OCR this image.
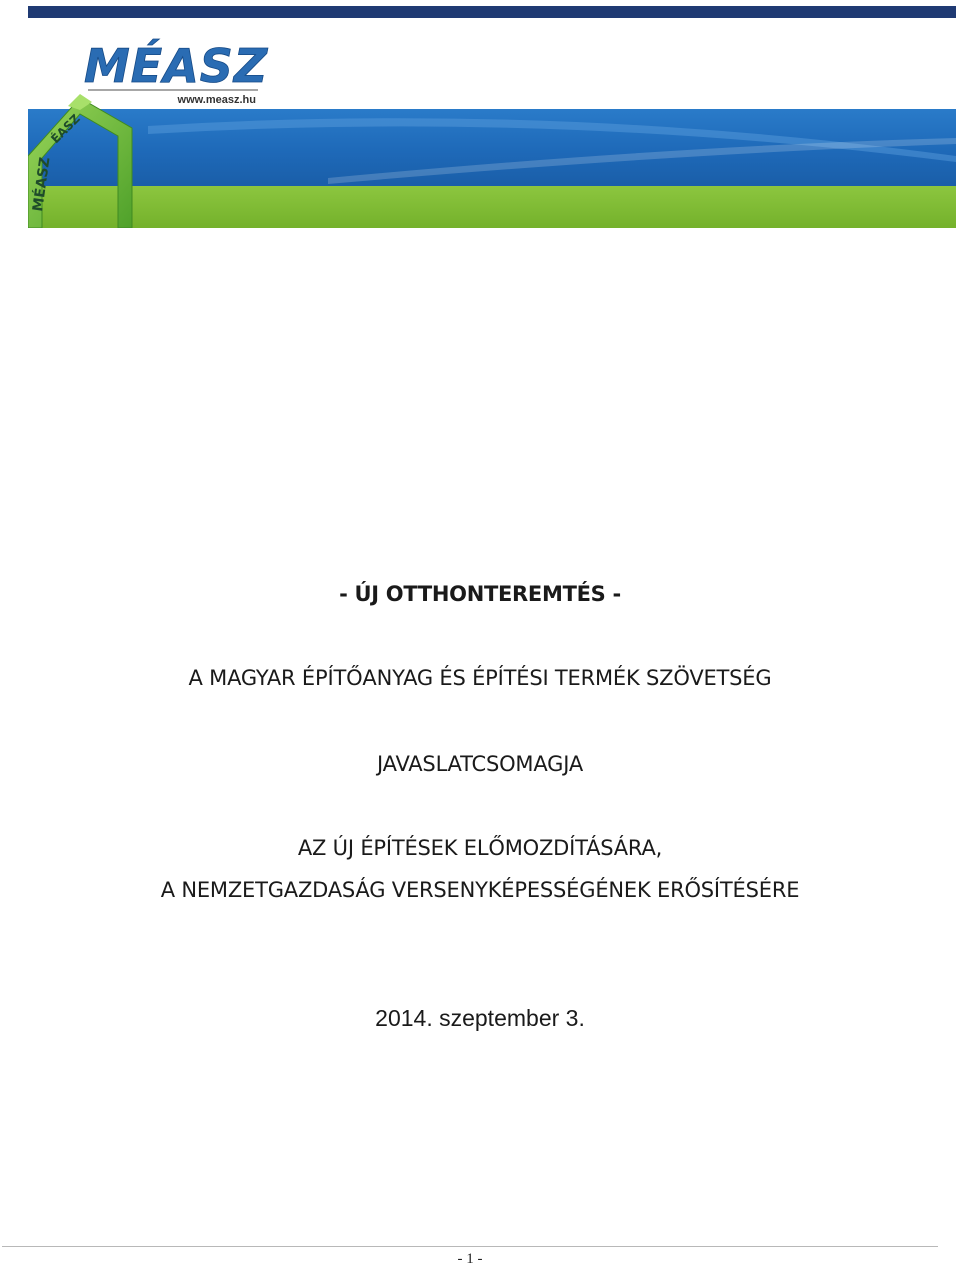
MÉASZ
ÉASZ
MÉASZ
www.measz.hu
- ÚJ OTTHONTEREMTÉS -
A MAGYAR ÉPÍTŐANYAG ÉS ÉPÍTÉSI TERMÉK SZÖVETSÉG
JAVASLATCSOMAGJA
AZ ÚJ ÉPÍTÉSEK ELŐMOZDÍTÁSÁRA,
A NEMZETGAZDASÁG VERSENYKÉPESSÉGÉNEK ERŐSÍTÉSÉRE
2014. szeptember 3.
- 1 -
